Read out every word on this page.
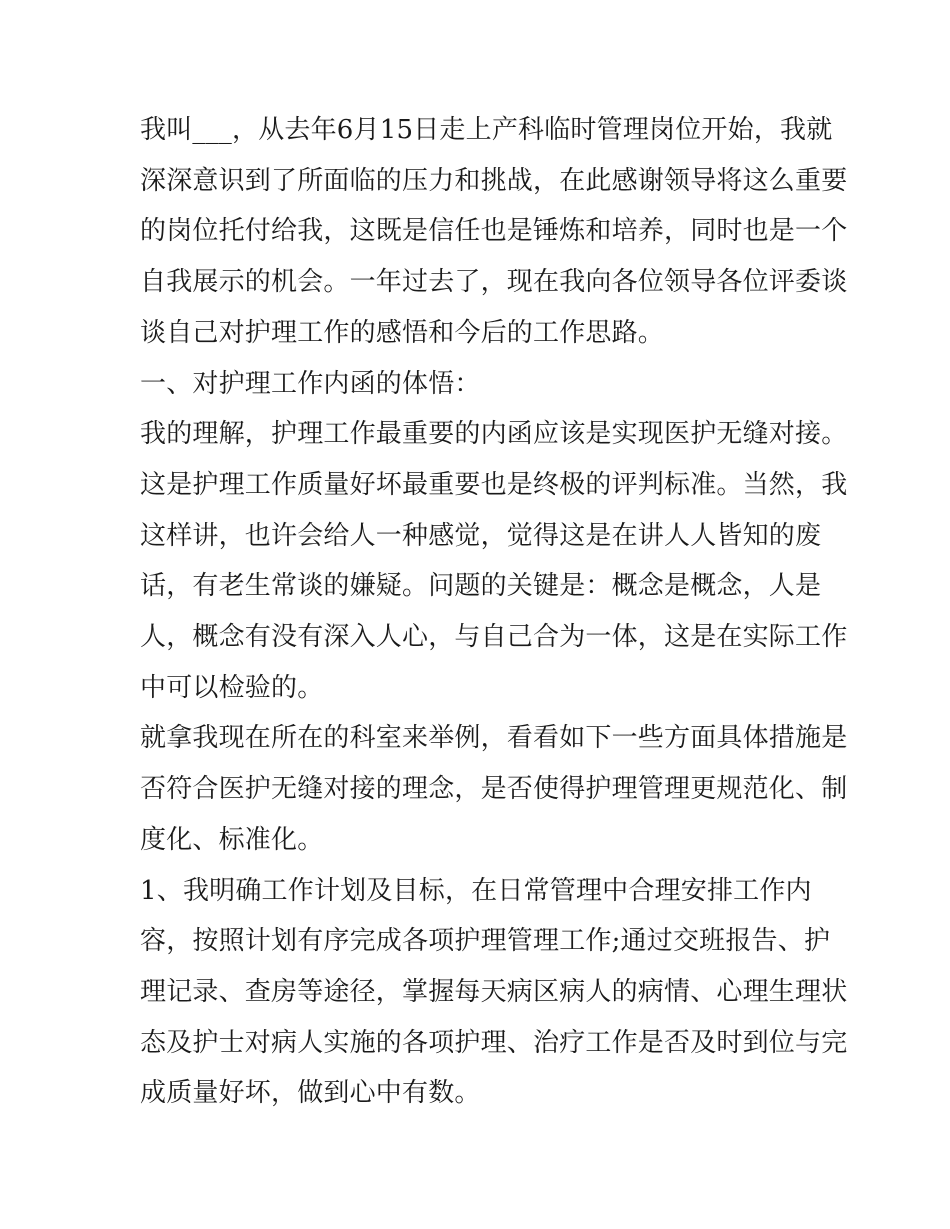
我叫___，从去年6月15日走上产科临时管理岗位开始，我就
深深意识到了所面临的压力和挑战，在此感谢领导将这么重要
的岗位托付给我，这既是信任也是锤炼和培养，同时也是一个
自我展示的机会。一年过去了，现在我向各位领导各位评委谈
谈自己对护理工作的感悟和今后的工作思路。

一、对护理工作内函的体悟：

我的理解，护理工作最重要的内函应该是实现医护无缝对接。
这是护理工作质量好坏最重要也是终极的评判标准。当然，我
这样讲，也许会给人一种感觉，觉得这是在讲人人皆知的废
话，有老生常谈的嫌疑。问题的关键是：概念是概念，人是
人，概念有没有深入人心，与自己合为一体，这是在实际工作
中可以检验的。

就拿我现在所在的科室来举例，看看如下一些方面具体措施是
否符合医护无缝对接的理念，是否使得护理管理更规范化、制
度化、标准化。

1、我明确工作计划及目标，在日常管理中合理安排工作内
容，按照计划有序完成各项护理管理工作;通过交班报告、护
理记录、查房等途径，掌握每天病区病人的病情、心理生理状
态及护士对病人实施的各项护理、治疗工作是否及时到位与完
成质量好坏，做到心中有数。
